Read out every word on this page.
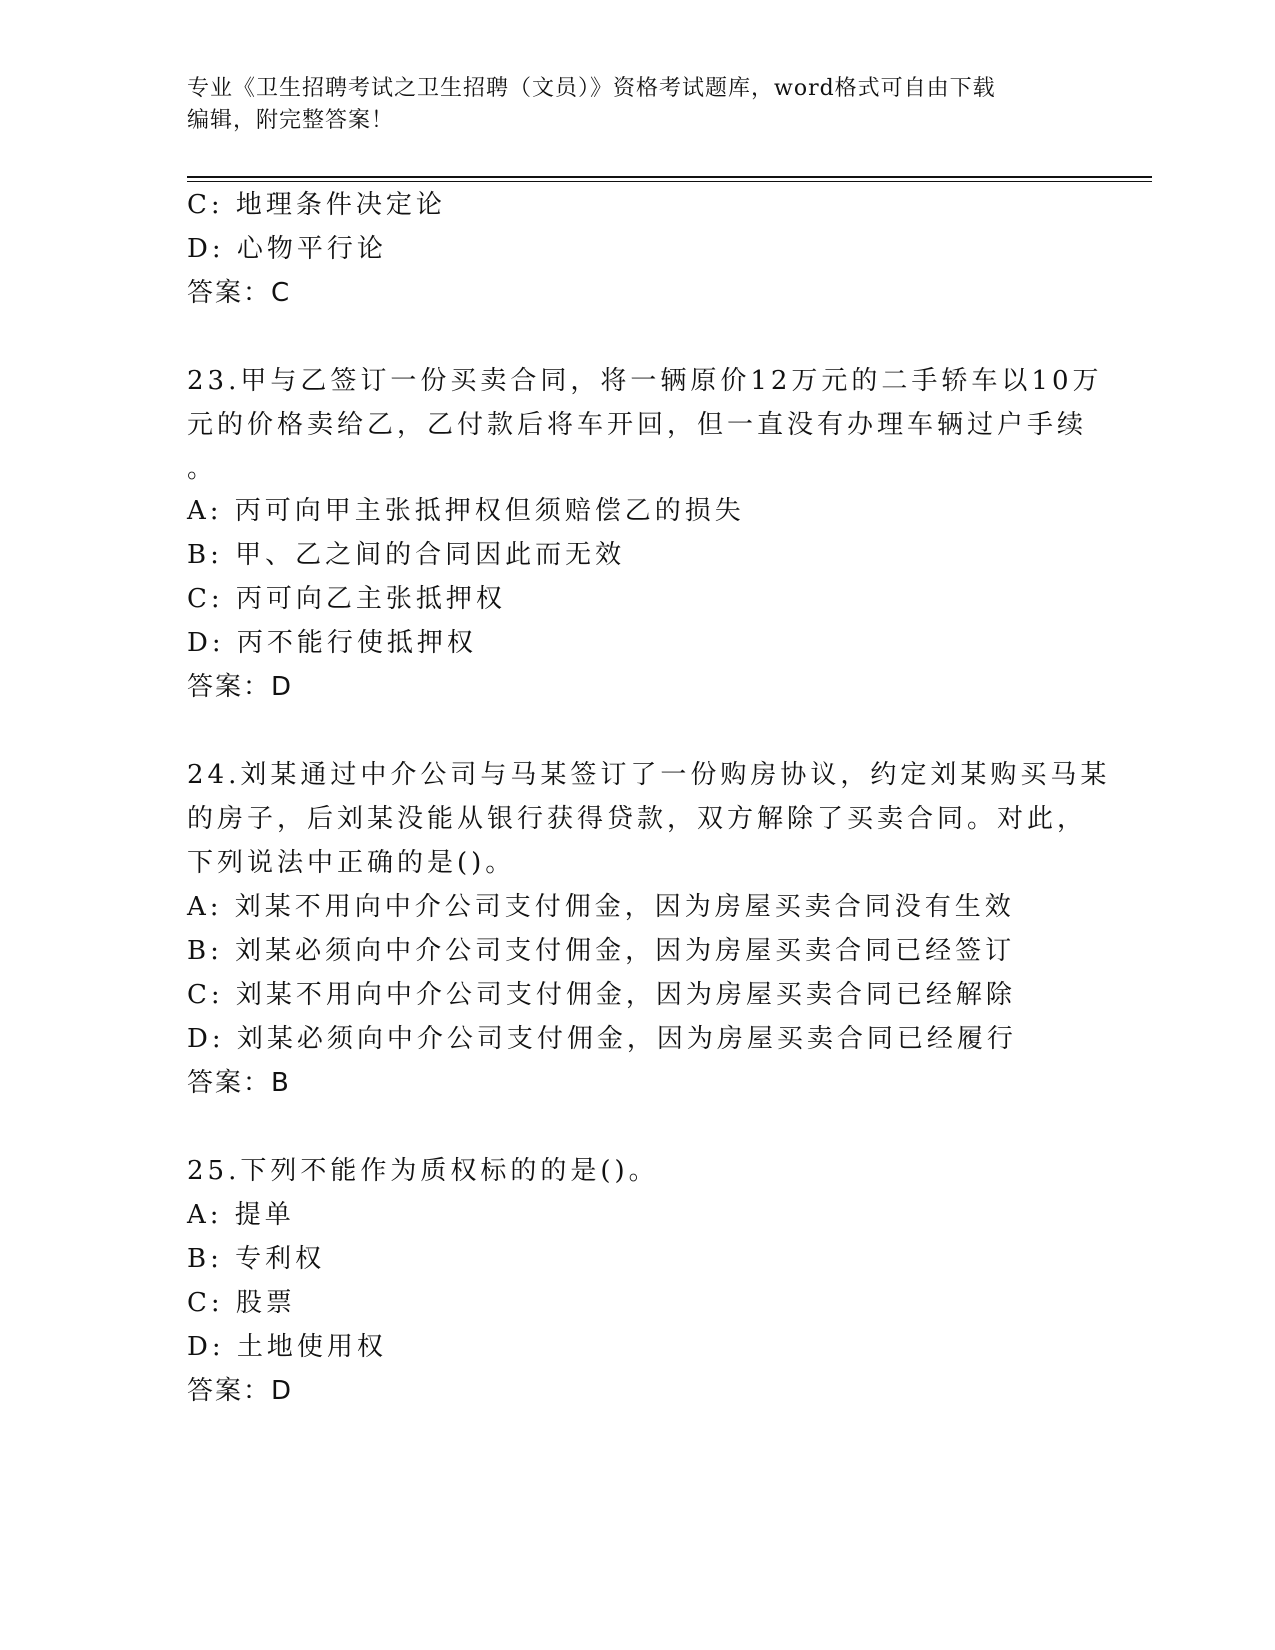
专业《卫生招聘考试之卫生招聘（文员）》资格考试题库，word格式可自由下载
编辑，附完整答案！
C: 地理条件决定论
D: 心物平行论
答案：C
23.甲与乙签订一份买卖合同，将一辆原价12万元的二手轿车以10万
元的价格卖给乙，乙付款后将车开回，但一直没有办理车辆过户手续
。
A: 丙可向甲主张抵押权但须赔偿乙的损失
B: 甲、乙之间的合同因此而无效
C: 丙可向乙主张抵押权
D: 丙不能行使抵押权
答案：D
24.刘某通过中介公司与马某签订了一份购房协议，约定刘某购买马某
的房子，后刘某没能从银行获得贷款，双方解除了买卖合同。对此，
下列说法中正确的是()。
A: 刘某不用向中介公司支付佣金，因为房屋买卖合同没有生效
B: 刘某必须向中介公司支付佣金，因为房屋买卖合同已经签订
C: 刘某不用向中介公司支付佣金，因为房屋买卖合同已经解除
D: 刘某必须向中介公司支付佣金，因为房屋买卖合同已经履行
答案：B
25.下列不能作为质权标的的是()。
A: 提单
B: 专利权
C: 股票
D: 土地使用权
答案：D
